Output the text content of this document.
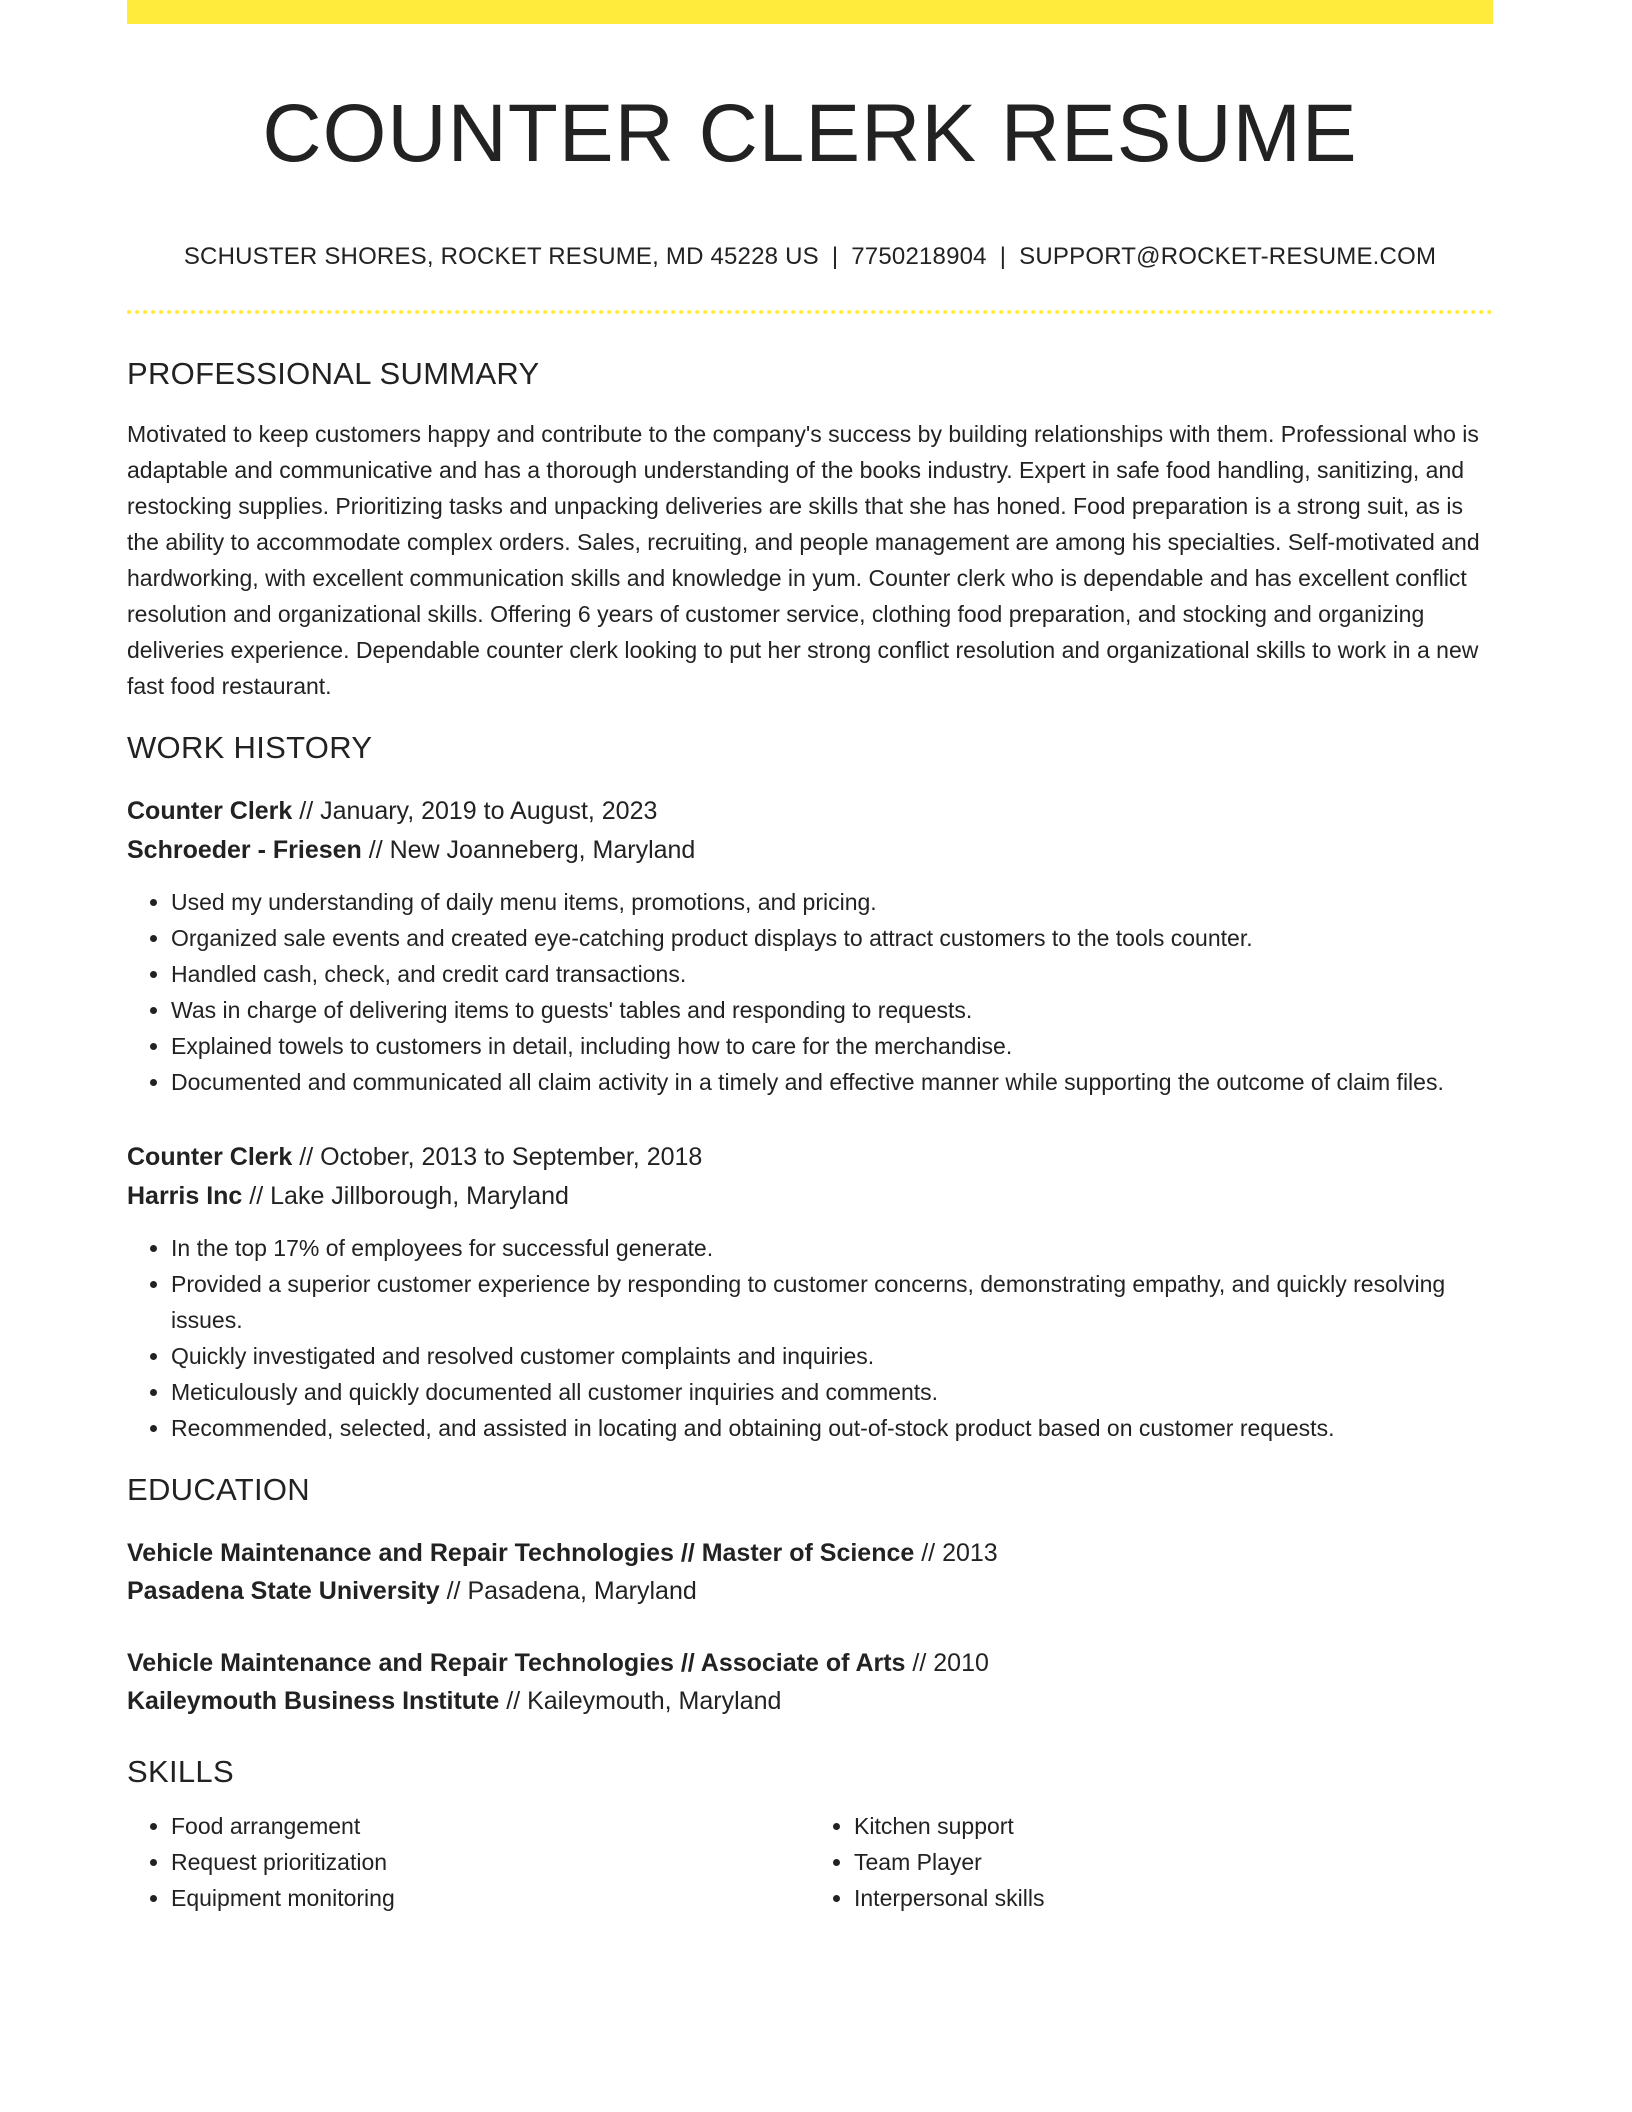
COUNTER CLERK RESUME
SCHUSTER SHORES, ROCKET RESUME, MD 45228 US | 7750218904 | SUPPORT@ROCKET-RESUME.COM
PROFESSIONAL SUMMARY
Motivated to keep customers happy and contribute to the company's success by building relationships with them. Professional who is adaptable and communicative and has a thorough understanding of the books industry. Expert in safe food handling, sanitizing, and restocking supplies. Prioritizing tasks and unpacking deliveries are skills that she has honed. Food preparation is a strong suit, as is the ability to accommodate complex orders. Sales, recruiting, and people management are among his specialties. Self-motivated and hardworking, with excellent communication skills and knowledge in yum. Counter clerk who is dependable and has excellent conflict resolution and organizational skills. Offering 6 years of customer service, clothing food preparation, and stocking and organizing deliveries experience. Dependable counter clerk looking to put her strong conflict resolution and organizational skills to work in a new fast food restaurant.
WORK HISTORY
Counter Clerk // January, 2019 to August, 2023
Schroeder - Friesen // New Joanneberg, Maryland
• Used my understanding of daily menu items, promotions, and pricing.
• Organized sale events and created eye-catching product displays to attract customers to the tools counter.
• Handled cash, check, and credit card transactions.
• Was in charge of delivering items to guests' tables and responding to requests.
• Explained towels to customers in detail, including how to care for the merchandise.
• Documented and communicated all claim activity in a timely and effective manner while supporting the outcome of claim files.
Counter Clerk // October, 2013 to September, 2018
Harris Inc // Lake Jillborough, Maryland
• In the top 17% of employees for successful generate.
• Provided a superior customer experience by responding to customer concerns, demonstrating empathy, and quickly resolving issues.
• Quickly investigated and resolved customer complaints and inquiries.
• Meticulously and quickly documented all customer inquiries and comments.
• Recommended, selected, and assisted in locating and obtaining out-of-stock product based on customer requests.
EDUCATION
Vehicle Maintenance and Repair Technologies // Master of Science // 2013
Pasadena State University // Pasadena, Maryland
Vehicle Maintenance and Repair Technologies // Associate of Arts // 2010
Kaileymouth Business Institute // Kaileymouth, Maryland
SKILLS
• Food arrangement
• Request prioritization
• Equipment monitoring
• Kitchen support
• Team Player
• Interpersonal skills
